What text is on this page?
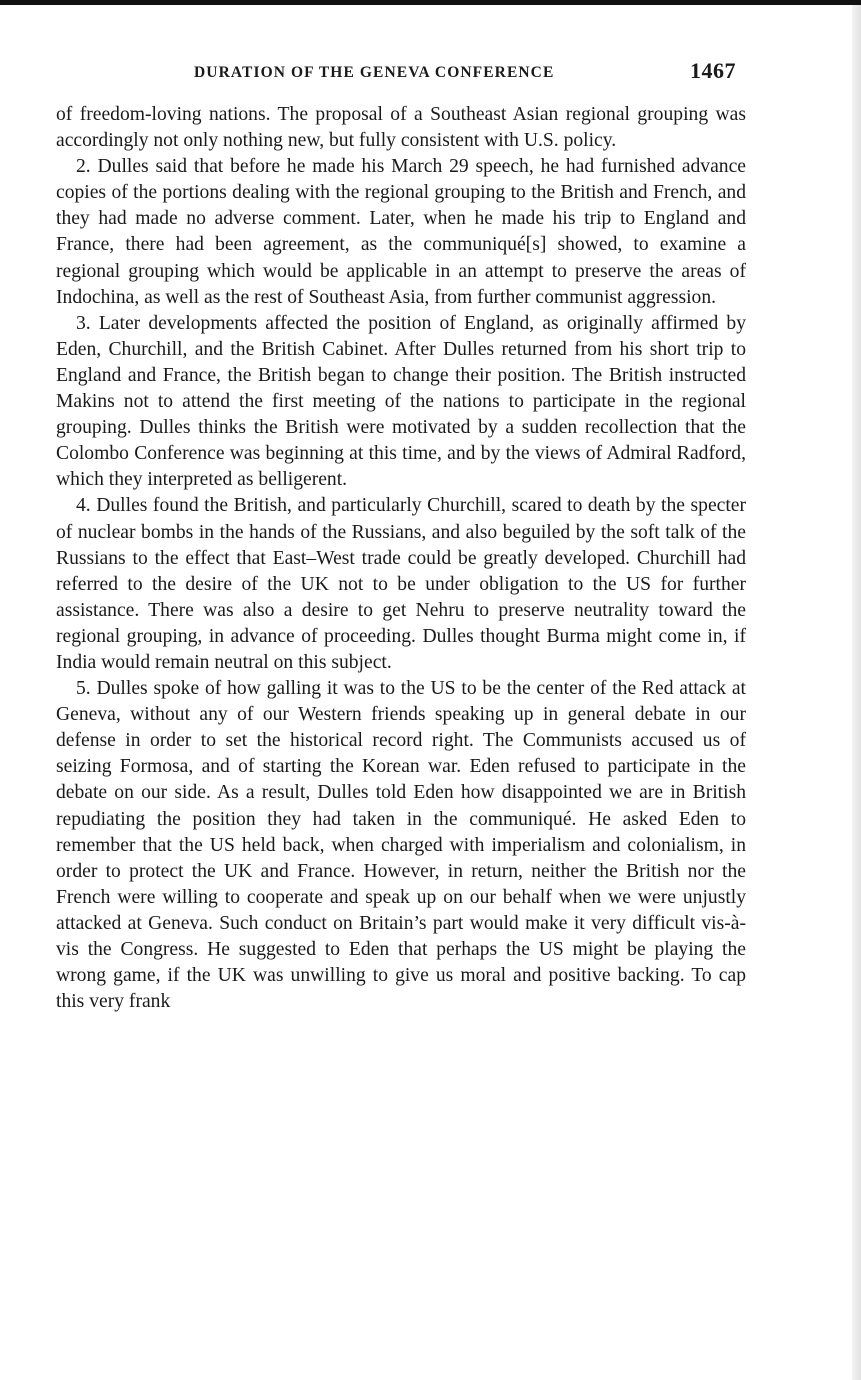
DURATION OF THE GENEVA CONFERENCE	1467

of freedom-loving nations. The proposal of a Southeast Asian regional grouping was accordingly not only nothing new, but fully consistent with U.S. policy.

2. Dulles said that before he made his March 29 speech, he had furnished advance copies of the portions dealing with the regional grouping to the British and French, and they had made no adverse comment. Later, when he made his trip to England and France, there had been agreement, as the communiqué[s] showed, to examine a regional grouping which would be applicable in an attempt to preserve the areas of Indochina, as well as the rest of Southeast Asia, from further communist aggression.

3. Later developments affected the position of England, as originally affirmed by Eden, Churchill, and the British Cabinet. After Dulles returned from his short trip to England and France, the British began to change their position. The British instructed Makins not to attend the first meeting of the nations to participate in the regional grouping. Dulles thinks the British were motivated by a sudden recollection that the Colombo Conference was beginning at this time, and by the views of Admiral Radford, which they interpreted as belligerent.

4. Dulles found the British, and particularly Churchill, scared to death by the specter of nuclear bombs in the hands of the Russians, and also beguiled by the soft talk of the Russians to the effect that East–West trade could be greatly developed. Churchill had referred to the desire of the UK not to be under obligation to the US for further assistance. There was also a desire to get Nehru to preserve neutrality toward the regional grouping, in advance of proceeding. Dulles thought Burma might come in, if India would remain neutral on this subject.

5. Dulles spoke of how galling it was to the US to be the center of the Red attack at Geneva, without any of our Western friends speaking up in general debate in our defense in order to set the historical record right. The Communists accused us of seizing Formosa, and of starting the Korean war. Eden refused to participate in the debate on our side. As a result, Dulles told Eden how disappointed we are in British repudiating the position they had taken in the communiqué. He asked Eden to remember that the US held back, when charged with imperialism and colonialism, in order to protect the UK and France. However, in return, neither the British nor the French were willing to cooperate and speak up on our behalf when we were unjustly attacked at Geneva. Such conduct on Britain’s part would make it very difficult vis-à-vis the Congress. He suggested to Eden that perhaps the US might be playing the wrong game, if the UK was unwilling to give us moral and positive backing. To cap this very frank
